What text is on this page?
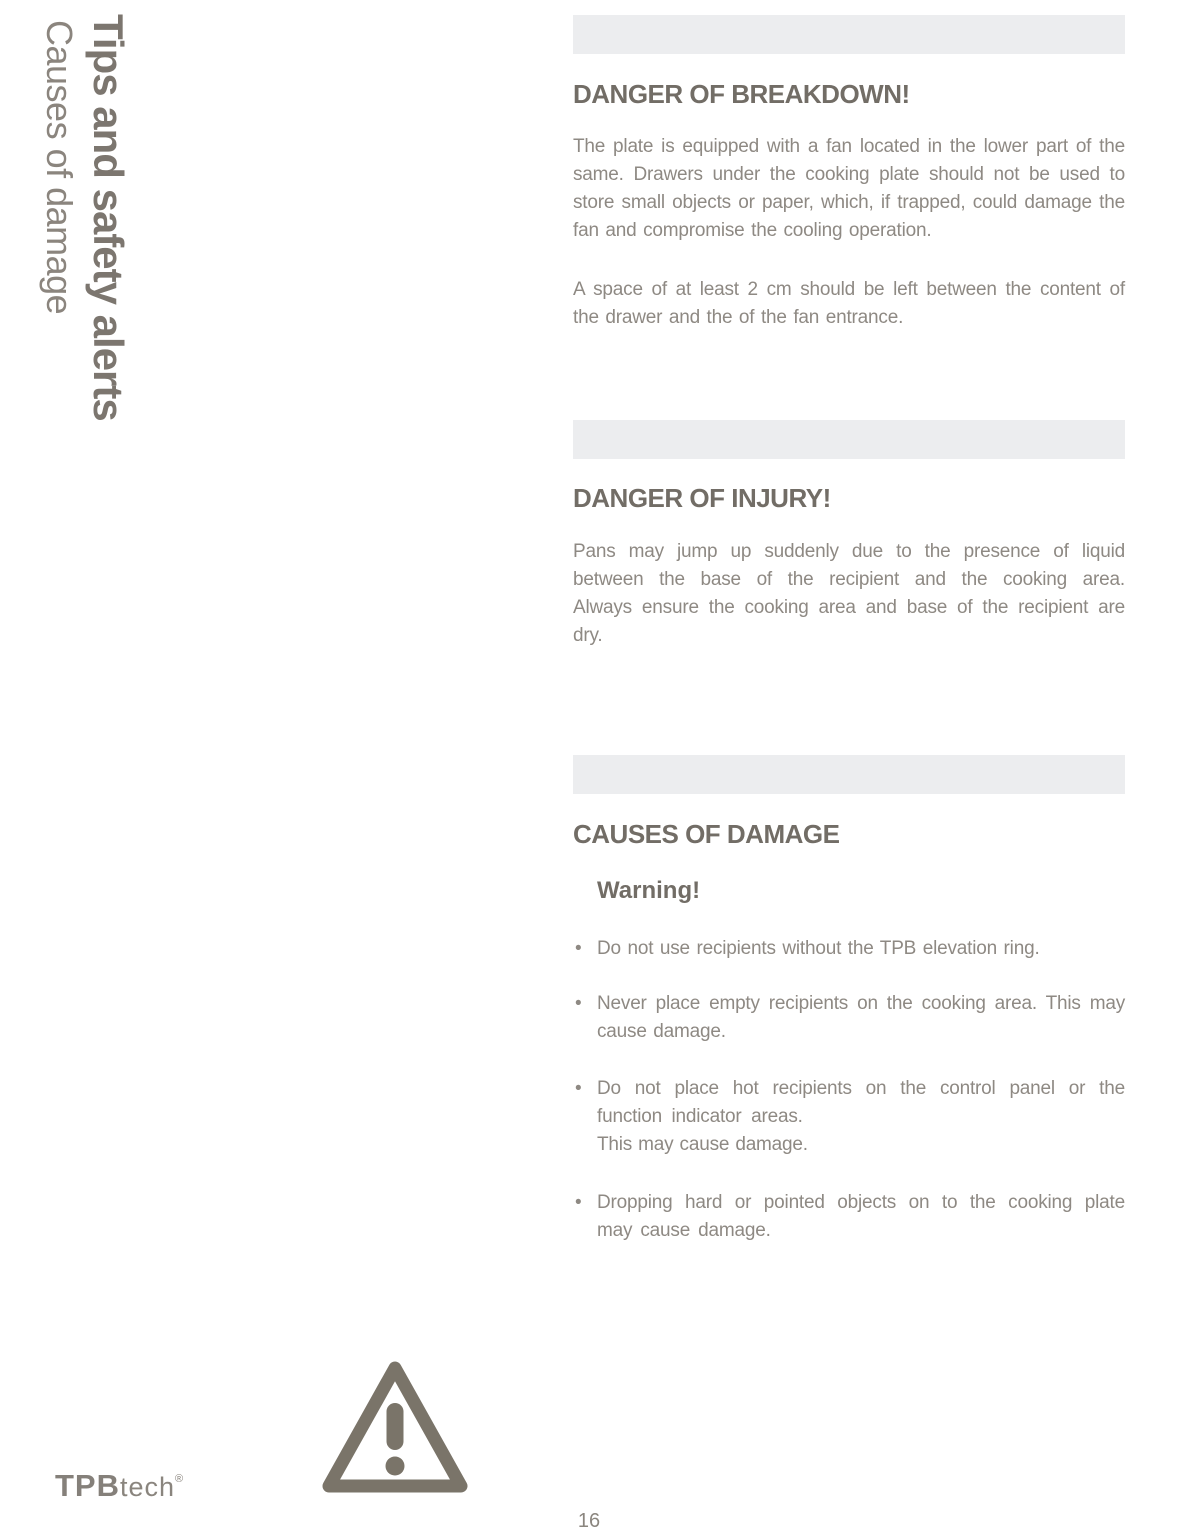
Tips and safety alerts
Causes of damage	DANGER OF BREAKDOWN!

The plate is equipped with a fan located in the lower part of the same. Drawers under the cooking plate should not be used to store small objects or paper, which, if trapped, could damage the fan and compromise the cooling operation.

A space of at least 2 cm should be left between the content of the drawer and the of the fan entrance.

DANGER OF INJURY!

Pans may jump up suddenly due to the presence of liquid between the base of the recipient and the cooking area. Always ensure the cooking area and base of the recipient are dry.

CAUSES OF DAMAGE
Warning!
• Do not use recipients without the TPB elevation ring.
• Never place empty recipients on the cooking area. This may cause damage.
• Do not place hot recipients on the control panel or the function indicator areas.
This may cause damage.
• Dropping hard or pointed objects on to the cooking plate may cause damage.
TPBtech®
16
